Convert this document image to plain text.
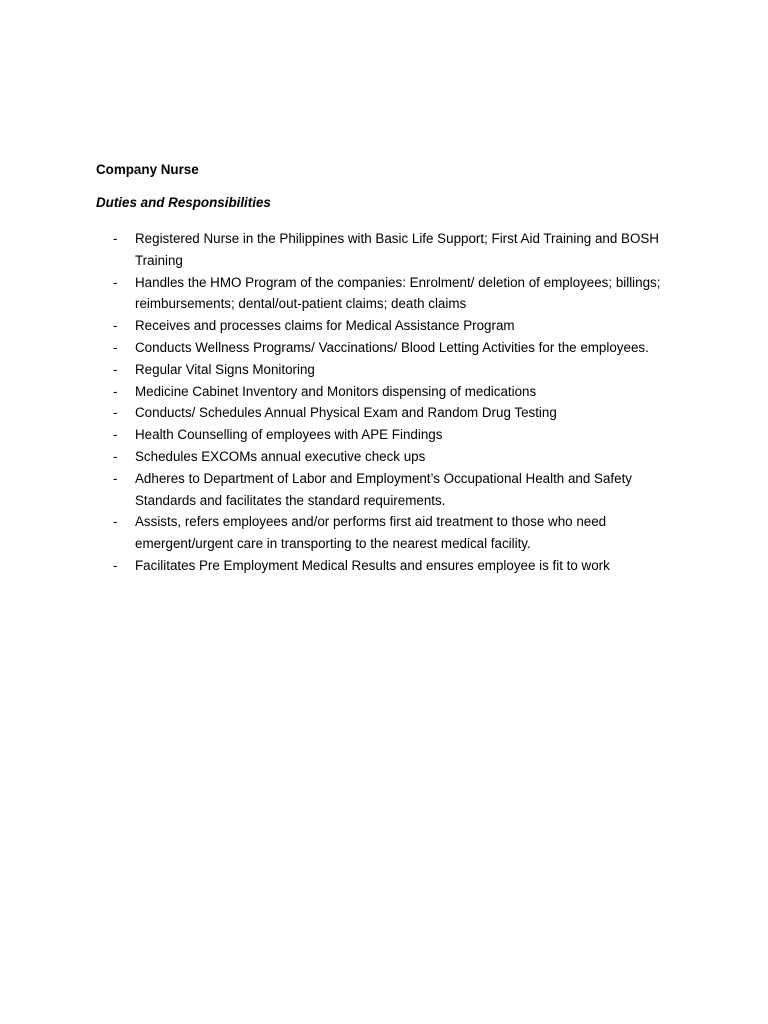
Company Nurse
Duties and Responsibilities
- Registered Nurse in the Philippines with Basic Life Support; First Aid Training and BOSH Training
- Handles the HMO Program of the companies: Enrolment/ deletion of employees; billings; reimbursements; dental/out-patient claims; death claims
- Receives and processes claims for Medical Assistance Program
- Conducts Wellness Programs/ Vaccinations/ Blood Letting Activities for the employees.
- Regular Vital Signs Monitoring
- Medicine Cabinet Inventory and Monitors dispensing of medications
- Conducts/ Schedules Annual Physical Exam and Random Drug Testing
- Health Counselling of employees with APE Findings
- Schedules EXCOMs annual executive check ups
- Adheres to Department of Labor and Employment’s Occupational Health and Safety Standards and facilitates the standard requirements.
- Assists, refers employees and/or performs first aid treatment to those who need emergent/urgent care in transporting to the nearest medical facility.
- Facilitates Pre Employment Medical Results and ensures employee is fit to work
